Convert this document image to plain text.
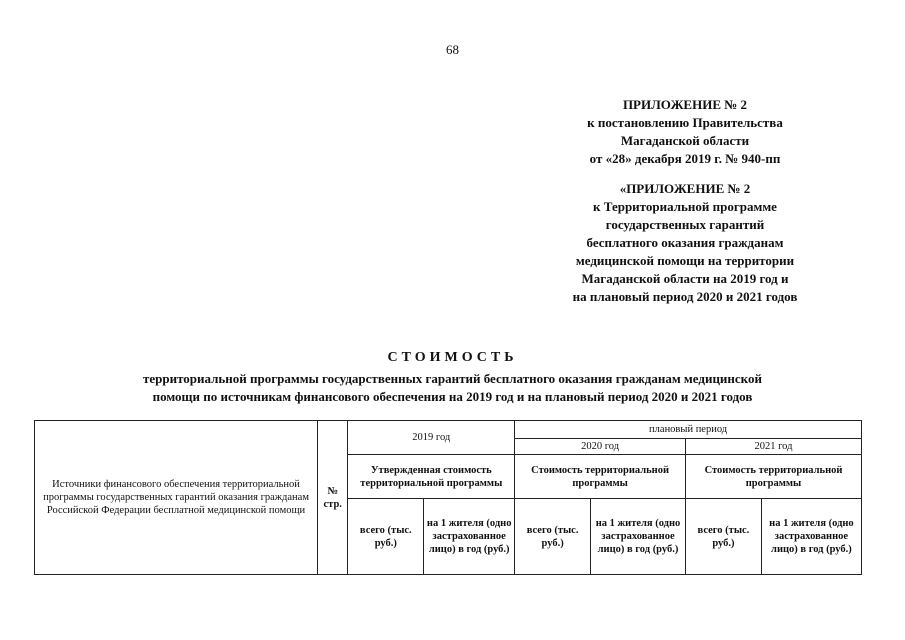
68
ПРИЛОЖЕНИЕ № 2
к постановлению Правительства
Магаданской области
от «28» декабря 2019 г. № 940-пп
«ПРИЛОЖЕНИЕ № 2
к Территориальной программе
государственных гарантий
бесплатного оказания гражданам
медицинской помощи на территории
Магаданской области на 2019 год и
на плановый период 2020 и 2021 годов
СТОИМОСТЬ
территориальной программы государственных гарантий бесплатного оказания гражданам медицинской
помощи по источникам финансового обеспечения на 2019 год и на плановый период 2020 и 2021 годов
Источники финансового обеспечения территориальной программы государственных гарантий оказания гражданам Российской Федерации бесплатной медицинской помощи	№ стр.	2019 год		плановый период			
				2020 год		2021 год	
		Утвержденная стоимость территориальной программы		Стоимость территориальной программы		Стоимость территориальной программы	
		всего (тыс. руб.)	на 1 жителя (одно застрахованное лицо) в год (руб.)	всего (тыс. руб.)	на 1 жителя (одно застрахованное лицо) в год (руб.)	всего (тыс. руб.)	на 1 жителя (одно застрахованное лицо) в год (руб.)
